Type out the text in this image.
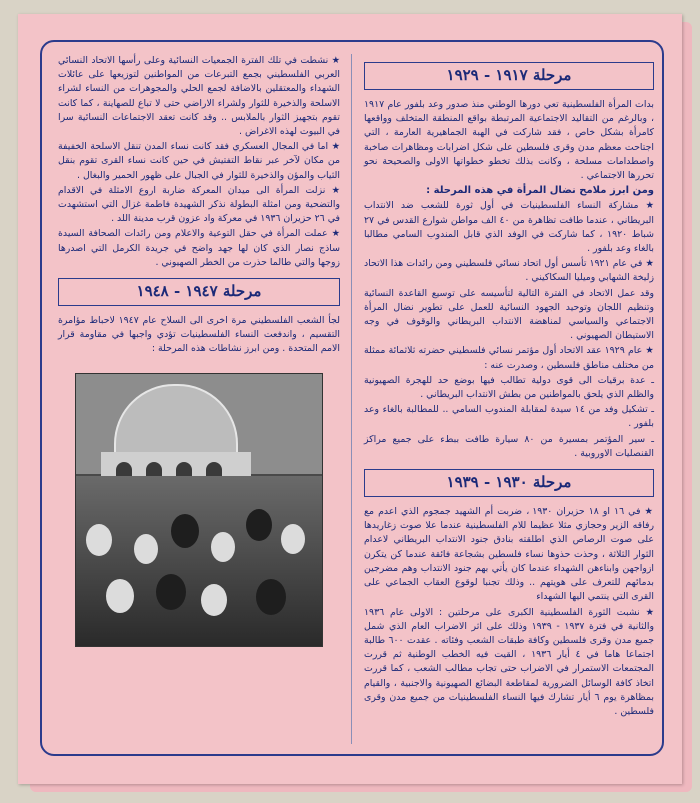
مرحلة ١٩١٧ - ١٩٢٩

بدات المرأة الفلسطينية تعي دورها الوطني منذ صدور وعد بلفور عام ١٩١٧ ، وبالرغم من التقاليد الاجتماعية المرتبطة بواقع المنطقة المتخلف وواقعها كامرأة بشكل خاص ، فقد شاركت في الهبة الجماهيرية العارمة ، التي اجتاحت معظم مدن وقرى فلسطين على شكل اضرابات ومظاهرات صاخبة واصطدامات مسلحة ، وكانت بذلك تخطو خطواتها الاولى والصحيحة نحو تحررها الاجتماعي .

ومن ابرز ملامح نضال المرأة في هذه المرحلة :

★ مشاركة النساء الفلسطينيات في أول ثورة للشعب ضد الانتداب البريطاني ، عندما طافت تظاهرة من ٤٠ الف مواطن شوارع القدس في ٢٧ شباط ١٩٢٠ ، كما شاركت في الوفد الذي قابل المندوب السامي مطالبا بالغاء وعد بلفور .

★ في عام ١٩٢١ تأسس أول اتحاد نسائي فلسطيني ومن رائدات هذا الاتحاد زليخة الشهابي وميليا السكاكيني .

وقد عمل الاتحاد في الفترة التالية لتأسيسه على توسيع القاعدة النسائية وتنظيم اللجان وتوحيد الجهود النسائية للعمل على تطوير نضال المرأة الاجتماعي والسياسي لمناهضة الانتداب البريطاني والوقوف في وجه الاستيطان الصهيوني .

★ عام ١٩٢٩ عقد الاتحاد أول مؤتمر نسائي فلسطيني حضرته ثلاثمائة ممثلة من مختلف مناطق فلسطين ، وصدرت عنه :

ـ عدة برقيات الى قوى دولية تطالب فيها بوضع حد للهجرة الصهيونية والظلم الذي يلحق بالمواطنين من بطش الانتداب البريطاني .

ـ تشكيل وفد من ١٤ سيدة لمقابلة المندوب السامي .. للمطالبة بالغاء وعد بلفور .

ـ سير المؤتمر بمسيرة من ٨٠ سيارة طافت ببطء على جميع مراكز القنصليات الاوروبية .

مرحلة ١٩٣٠ - ١٩٣٩

★ في ١٦ او ١٨ حزيران ١٩٣٠ ، ضربت أم الشهيد جمجوم الذي اعدم مع رفاقه الزير وحجازي مثلا عظيما للام الفلسطينية عندما علا صوت زغاريدها على صوت الرصاص الذي اطلقته بنادق جنود الانتداب البريطاني لاعدام الثوار الثلاثة ، وحذت حذوها نساء فلسطين بشجاعة فائقة عندما كن يتكرن ازواجهن وابناءهن الشهداء عندما كان يأتي بهم جنود الانتداب وهم مضرجين بدمائهم للتعرف على هويتهم .. وذلك تجنبا لوقوع العقاب الجماعي على القرى التي ينتمي اليها الشهداء

★ نشبت الثورة الفلسطينية الكبرى على مرحلتين : الاولى عام ١٩٣٦ والثانية في فترة ١٩٣٧ - ١٩٣٩ وذلك على اثر الاضراب العام الذي شمل جميع مدن وقرى فلسطين وكافة طبقات الشعب وفئاته . عقدت ٦٠٠ طالبة اجتماعا هاما في ٤ أيار ١٩٣٦ ، القيت فيه الخطب الوطنية ثم قررت المجتمعات الاستمرار في الاضراب حتى تجاب مطالب الشعب ، كما قررت اتخاذ كافة الوسائل الضرورية لمقاطعة البضائع الصهيونية والاجنبية ، والقيام بمظاهرة يوم ٦ أيار تشارك فيها النساء الفلسطينيات من جميع مدن وقرى فلسطين .

★ نشطت في تلك الفترة الجمعيات النسائية وعلى رأسها الاتحاد النسائي العربي الفلسطيني بجمع التبرعات من المواطنين لتوزيعها على عائلات الشهداء والمعتقلين بالاضافة لجمع الحلي والمجوهرات من النساء لشراء الاسلحة والذخيرة للثوار ولشراء الاراضي حتى لا تباع للصهاينة ، كما كانت تقوم بتجهيز الثوار بالملابس .. وقد كانت تعقد الاجتماعات النسائية سرا في البيوت لهذه الاغراض .

★ اما في المجال العسكري فقد كانت نساء المدن تنقل الاسلحة الخفيفة من مكان لآخر عبر نقاط التفتيش في حين كانت نساء القرى تقوم بنقل الثياب والمؤن والذخيرة للثوار في الجبال على ظهور الحمير والبغال .

★ نزلت المرأة الى ميدان المعركة ضاربة اروع الامثلة في الاقدام والتضحية ومن امثلة البطولة نذكر الشهيدة فاطمة غزال التي استشهدت في ٢٦ حزيران ١٩٣٦ في معركة واد عزون قرب مدينة اللد .

★ عملت المرأة في حقل التوعية والاعلام ومن رائدات الصحافة السيدة ساذج نصار الذي كان لها جهد واضح في جريدة الكرمل التي اصدرها زوجها والتي طالما حذرت من الخطر الصهيوني .

مرحلة ١٩٤٧ - ١٩٤٨

لجأ الشعب الفلسطيني مرة اخرى الى السلاح عام ١٩٤٧ لاحباط مؤامرة التقسيم ، واندفعت النساء الفلسطينيات تؤدي واجبها في مقاومة قرار الامم المتحدة . ومن ابرز نشاطات هذه المرحلة :
